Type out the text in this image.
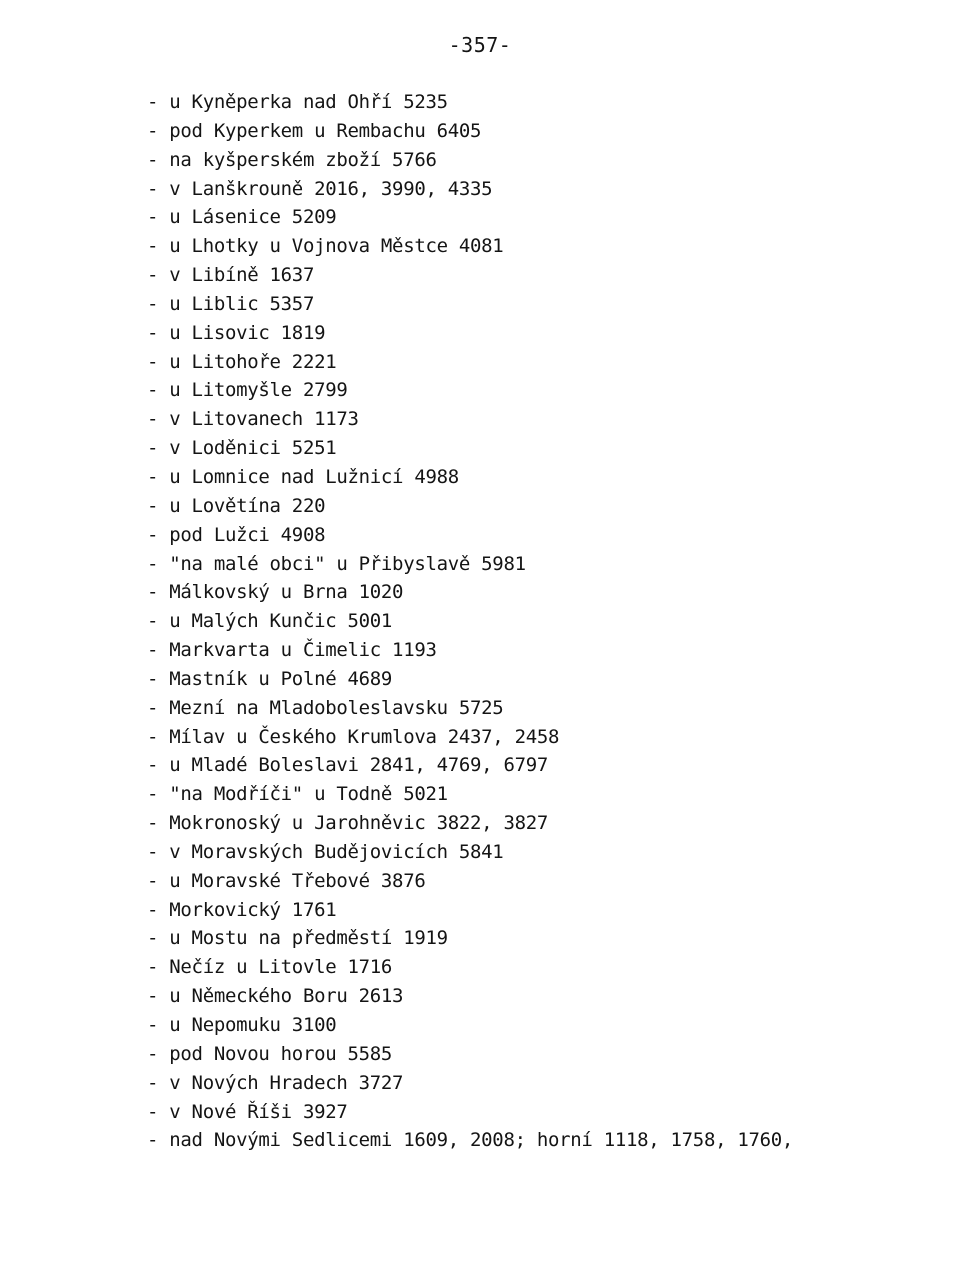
-357-
- u Kyněperka nad Ohří 5235
- pod Kyperkem u Rembachu 6405
- na kyšperském zboží 5766
- v Lanškrouně 2016, 3990, 4335
- u Lásenice 5209
- u Lhotky u Vojnova Městce 4081
- v Libíně 1637
- u Liblic 5357
- u Lisovic 1819
- u Litohoře 2221
- u Litomyšle 2799
- v Litovanech 1173
- v Loděnici 5251
- u Lomnice nad Lužnicí 4988
- u Lovětína 220
- pod Lužci 4908
- "na malé obci" u Přibyslavě 5981
- Málkovský u Brna 1020
- u Malých Kunčic 5001
- Markvarta u Čimelic 1193
- Mastník u Polné 4689
- Mezní na Mladoboleslavsku 5725
- Mílav u Českého Krumlova 2437, 2458
- u Mladé Boleslavi 2841, 4769, 6797
- "na Modříči" u Todně 5021
- Mokronoský u Jarohněvic 3822, 3827
- v Moravských Budějovicích 5841
- u Moravské Třebové 3876
- Morkovický 1761
- u Mostu na předměstí 1919
- Nečíz u Litovle 1716
- u Německého Boru 2613
- u Nepomuku 3100
- pod Novou horou 5585
- v Nových Hradech 3727
- v Nové Říši 3927
- nad Novými Sedlicemi 1609, 2008; horní 1118, 1758, 1760,
